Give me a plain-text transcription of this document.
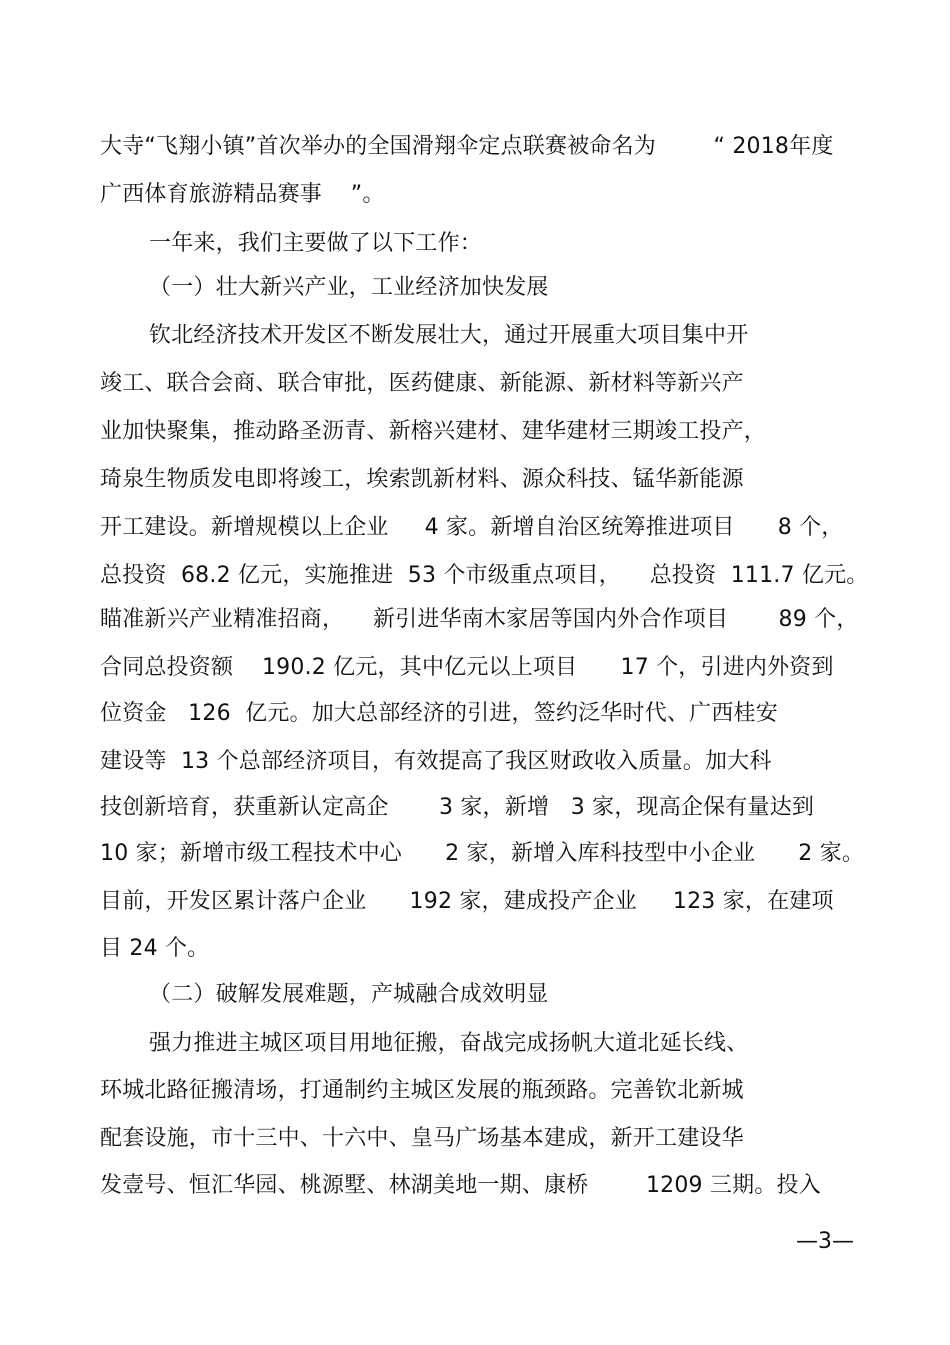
大寺“飞翔小镇”首次举办的全国滑翔伞定点联赛被命名为        “ 2018年度
广西体育旅游精品赛事    ”。
一年来，我们主要做了以下工作：
（一）壮大新兴产业，工业经济加快发展
钦北经济技术开发区不断发展壮大，通过开展重大项目集中开
竣工、联合会商、联合审批，医药健康、新能源、新材料等新兴产
业加快聚集，推动路圣沥青、新榕兴建材、建华建材三期竣工投产，
琦泉生物质发电即将竣工，埃索凯新材料、源众科技、锰华新能源
开工建设。新增规模以上企业     4 家。新增自治区统筹推进项目      8 个，
总投资  68.2 亿元，实施推进  53 个市级重点项目，    总投资  111.7 亿元。
瞄准新兴产业精准招商，    新引进华南木家居等国内外合作项目       89 个，
合同总投资额    190.2 亿元，其中亿元以上项目      17 个，引进内外资到
位资金   126  亿元。加大总部经济的引进，签约泛华时代、广西桂安
建设等  13 个总部经济项目，有效提高了我区财政收入质量。加大科
技创新培育，获重新认定高企       3 家，新增   3 家，现高企保有量达到
10 家；新增市级工程技术中心      2 家，新增入库科技型中小企业      2 家。
目前，开发区累计落户企业      192 家，建成投产企业     123 家，在建项
目 24 个。
（二）破解发展难题，产城融合成效明显
强力推进主城区项目用地征搬，奋战完成扬帆大道北延长线、
环城北路征搬清场，打通制约主城区发展的瓶颈路。完善钦北新城
配套设施，市十三中、十六中、皇马广场基本建成，新开工建设华
发壹号、恒汇华园、桃源墅、林湖美地一期、康桥        1209 三期。投入
—3—
